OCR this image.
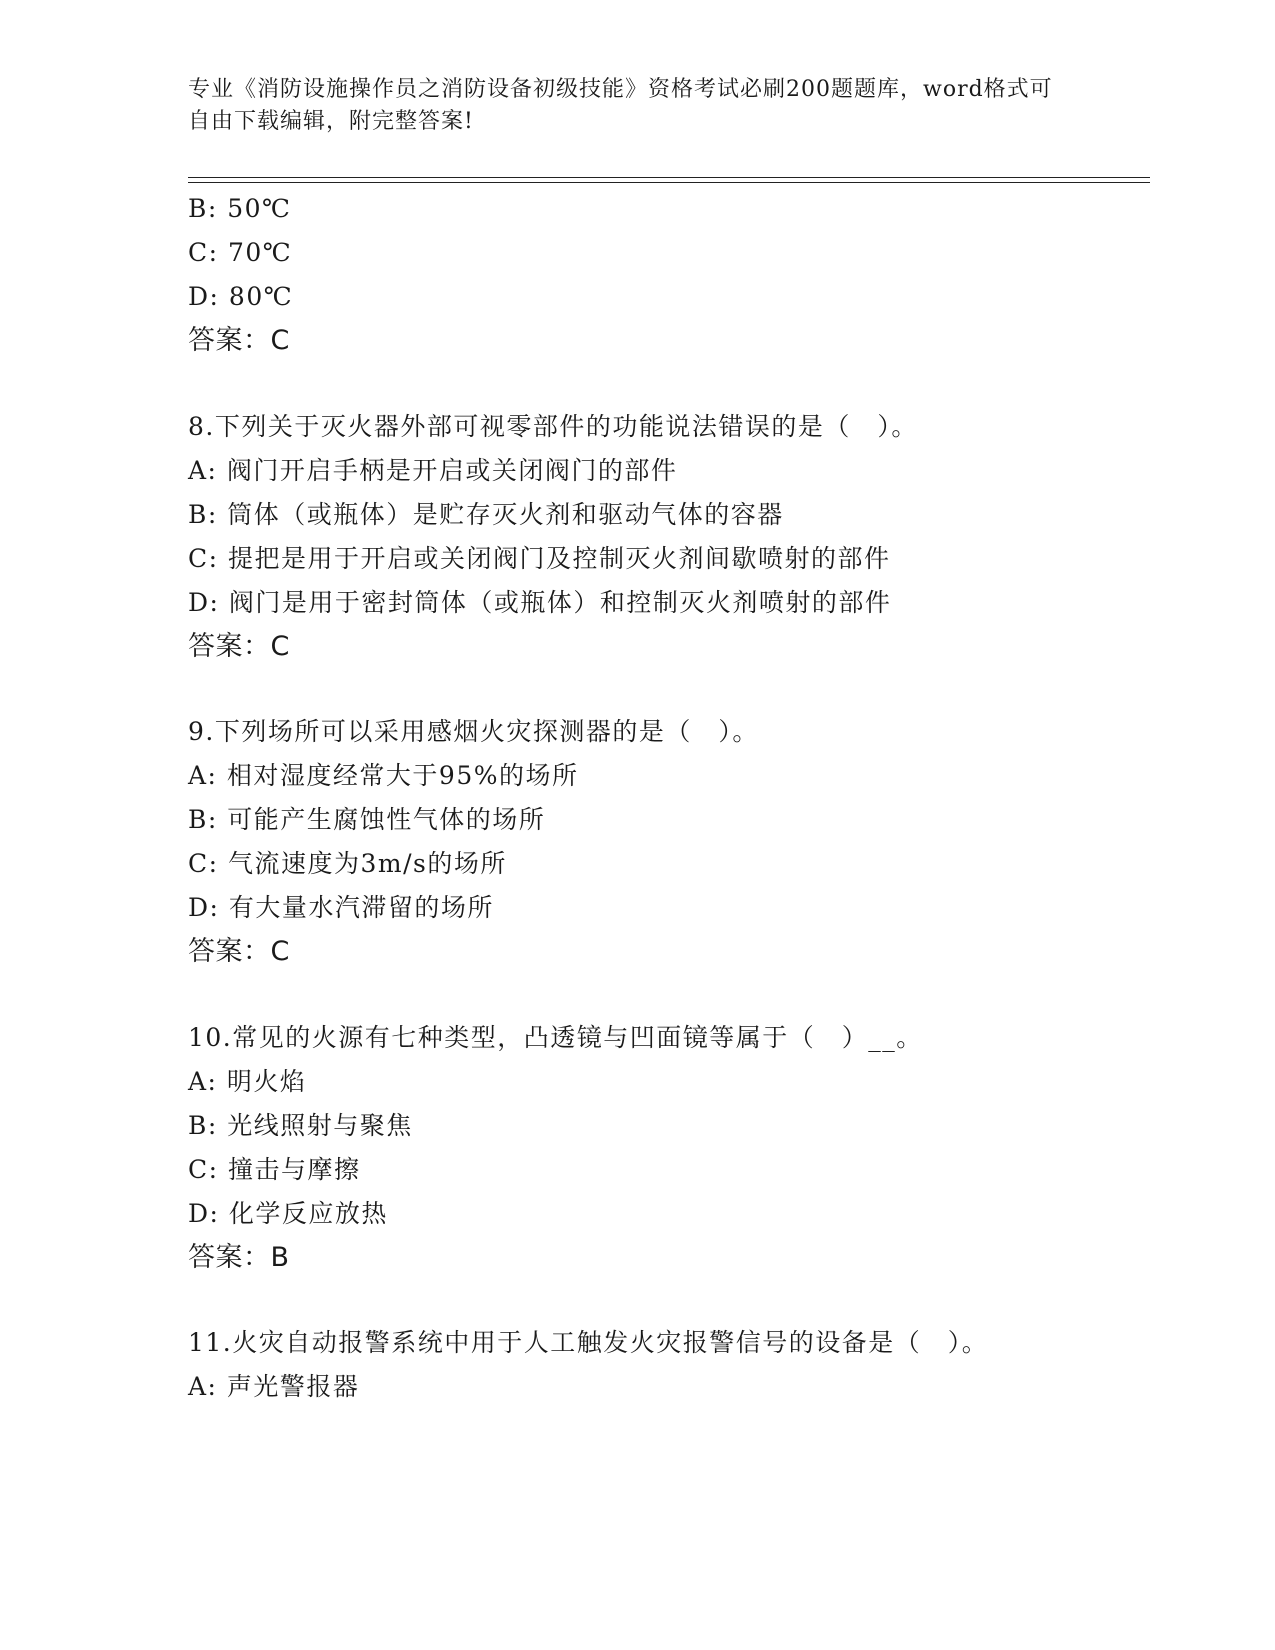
专业《消防设施操作员之消防设备初级技能》资格考试必刷200题题库，word格式可自由下载编辑，附完整答案!
B: 50℃
C: 70℃
D: 80℃
答案：C
8.下列关于灭火器外部可视零部件的功能说法错误的是（　）。
A: 阀门开启手柄是开启或关闭阀门的部件
B: 筒体（或瓶体）是贮存灭火剂和驱动气体的容器
C: 提把是用于开启或关闭阀门及控制灭火剂间歇喷射的部件
D: 阀门是用于密封筒体（或瓶体）和控制灭火剂喷射的部件
答案：C
9.下列场所可以采用感烟火灾探测器的是（　）。
A: 相对湿度经常大于95%的场所
B: 可能产生腐蚀性气体的场所
C: 气流速度为3m/s的场所
D: 有大量水汽滞留的场所
答案：C
10.常见的火源有七种类型，凸透镜与凹面镜等属于（　）__。
A: 明火焰
B: 光线照射与聚焦
C: 撞击与摩擦
D: 化学反应放热
答案：B
11.火灾自动报警系统中用于人工触发火灾报警信号的设备是（　）。
A: 声光警报器
